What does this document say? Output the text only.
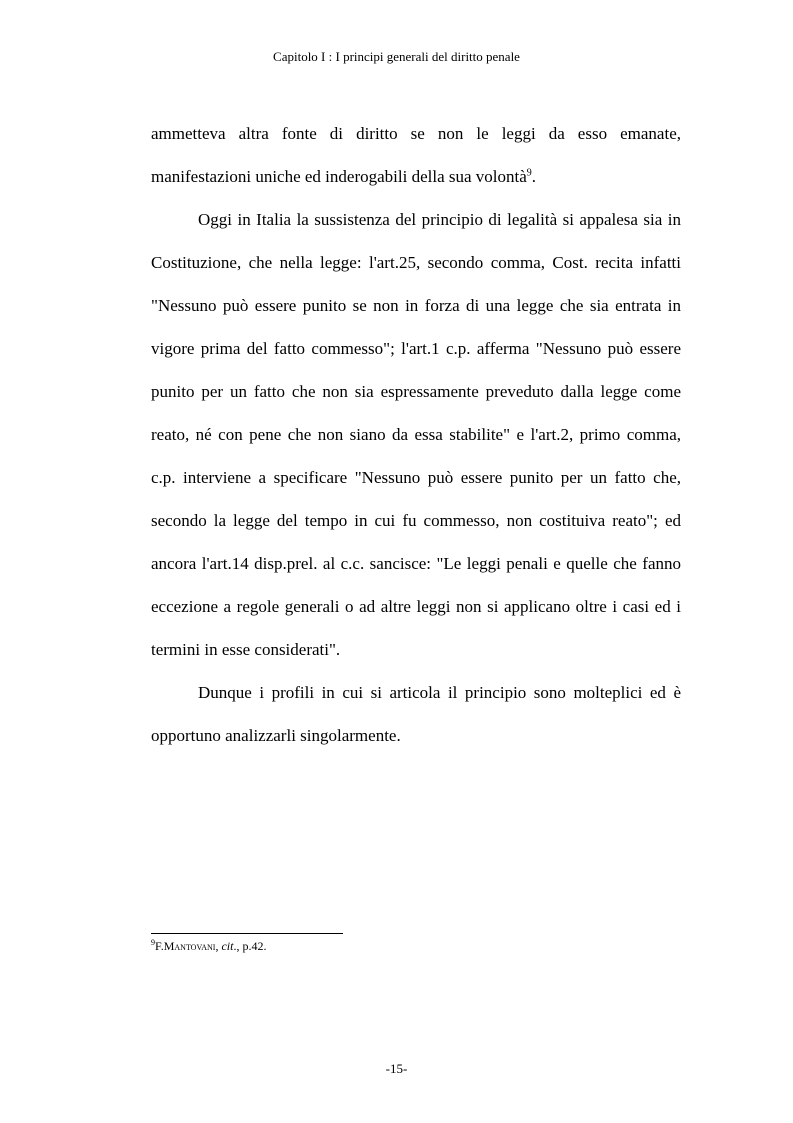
Capitolo I : I principi generali del diritto penale

ammetteva altra fonte di diritto se non le leggi da esso emanate, manifestazioni uniche ed inderogabili della sua volontà$^9$.

Oggi in Italia la sussistenza del principio di legalità si appalesa sia in Costituzione, che nella legge: l'art.25, secondo comma, Cost. recita infatti "Nessuno può essere punito se non in forza di una legge che sia entrata in vigore prima del fatto commesso"; l'art.1 c.p. afferma "Nessuno può essere punito per un fatto che non sia espressamente preveduto dalla legge come reato, né con pene che non siano da essa stabilite" e l'art.2, primo comma, c.p. interviene a specificare "Nessuno può essere punito per un fatto che, secondo la legge del tempo in cui fu commesso, non costituiva reato"; ed ancora l'art.14 disp.prel. al c.c. sancisce: "Le leggi penali e quelle che fanno eccezione a regole generali o ad altre leggi non si applicano oltre i casi ed i termini in esse considerati".

Dunque i profili in cui si articola il principio sono molteplici ed è opportuno analizzarli singolarmente.

$^9$F.Mantovani, cit., p.42.
-15-
